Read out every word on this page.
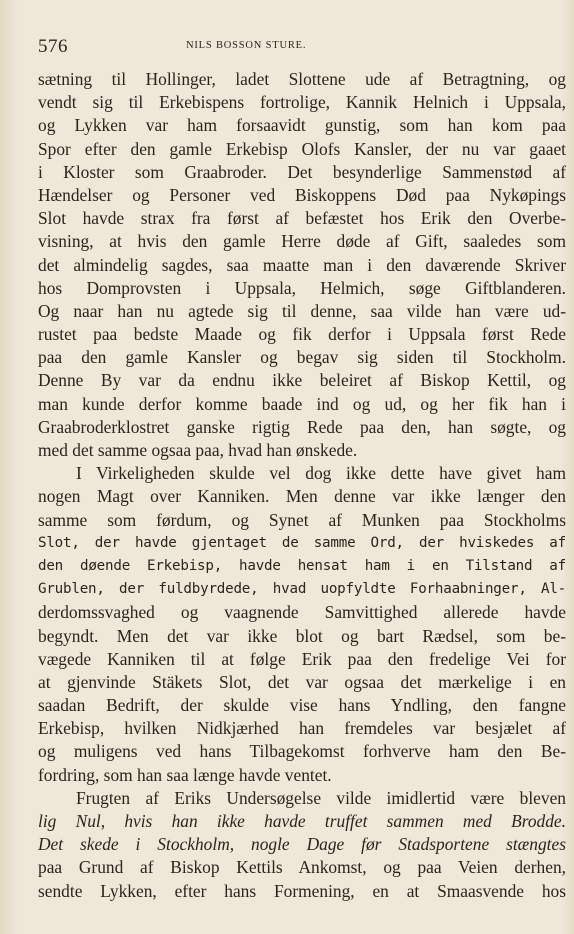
576	NILS BOSSON STURE.
sætning til Hollinger, ladet Slottene ude af Betragtning, og
vendt sig til Erkebispens fortrolige, Kannik Helnich i Uppsala,
og Lykken var ham forsaavidt gunstig, som han kom paa
Spor efter den gamle Erkebisp Olofs Kansler, der nu var gaaet
i Kloster som Graabroder. Det besynderlige Sammenstød af
Hændelser og Personer ved Biskoppens Død paa Nykøpings
Slot havde strax fra først af befæstet hos Erik den Overbe-
visning, at hvis den gamle Herre døde af Gift, saaledes som
det almindelig sagdes, saa maatte man i den daværende Skriver
hos Domprovsten i Uppsala, Helmich, søge Giftblanderen.
Og naar han nu agtede sig til denne, saa vilde han være ud-
rustet paa bedste Maade og fik derfor i Uppsala først Rede
paa den gamle Kansler og begav sig siden til Stockholm.
Denne By var da endnu ikke beleiret af Biskop Kettil, og
man kunde derfor komme baade ind og ud, og her fik han i
Graabroderklostret ganske rigtig Rede paa den, han søgte, og
med det samme ogsaa paa, hvad han ønskede.
I Virkeligheden skulde vel dog ikke dette have givet ham
nogen Magt over Kanniken. Men denne var ikke længer den
samme som førdum, og Synet af Munken paa Stockholms
Slot, der havde gjentaget de samme Ord, der hviskedes af
den døende Erkebisp, havde hensat ham i en Tilstand af
Grublen, der fuldbyrdede, hvad uopfyldte Forhaabninger, Al-
derdomssvaghed og vaagnende Samvittighed allerede havde
begyndt. Men det var ikke blot og bart Rædsel, som be-
vægede Kanniken til at følge Erik paa den fredelige Vei for
at gjenvinde Stäkets Slot, det var ogsaa det mærkelige i en
saadan Bedrift, der skulde vise hans Yndling, den fangne
Erkebisp, hvilken Nidkjærhed han fremdeles var besjælet af
og muligens ved hans Tilbagekomst forhverve ham den Be-
fordring, som han saa længe havde ventet.
Frugten af Eriks Undersøgelse vilde imidlertid være bleven
lig Nul, hvis han ikke havde truffet sammen med Brodde.
Det skede i Stockholm, nogle Dage før Stadsportene stængtes
paa Grund af Biskop Kettils Ankomst, og paa Veien derhen,
sendte Lykken, efter hans Formening, en at Smaasvende hos
